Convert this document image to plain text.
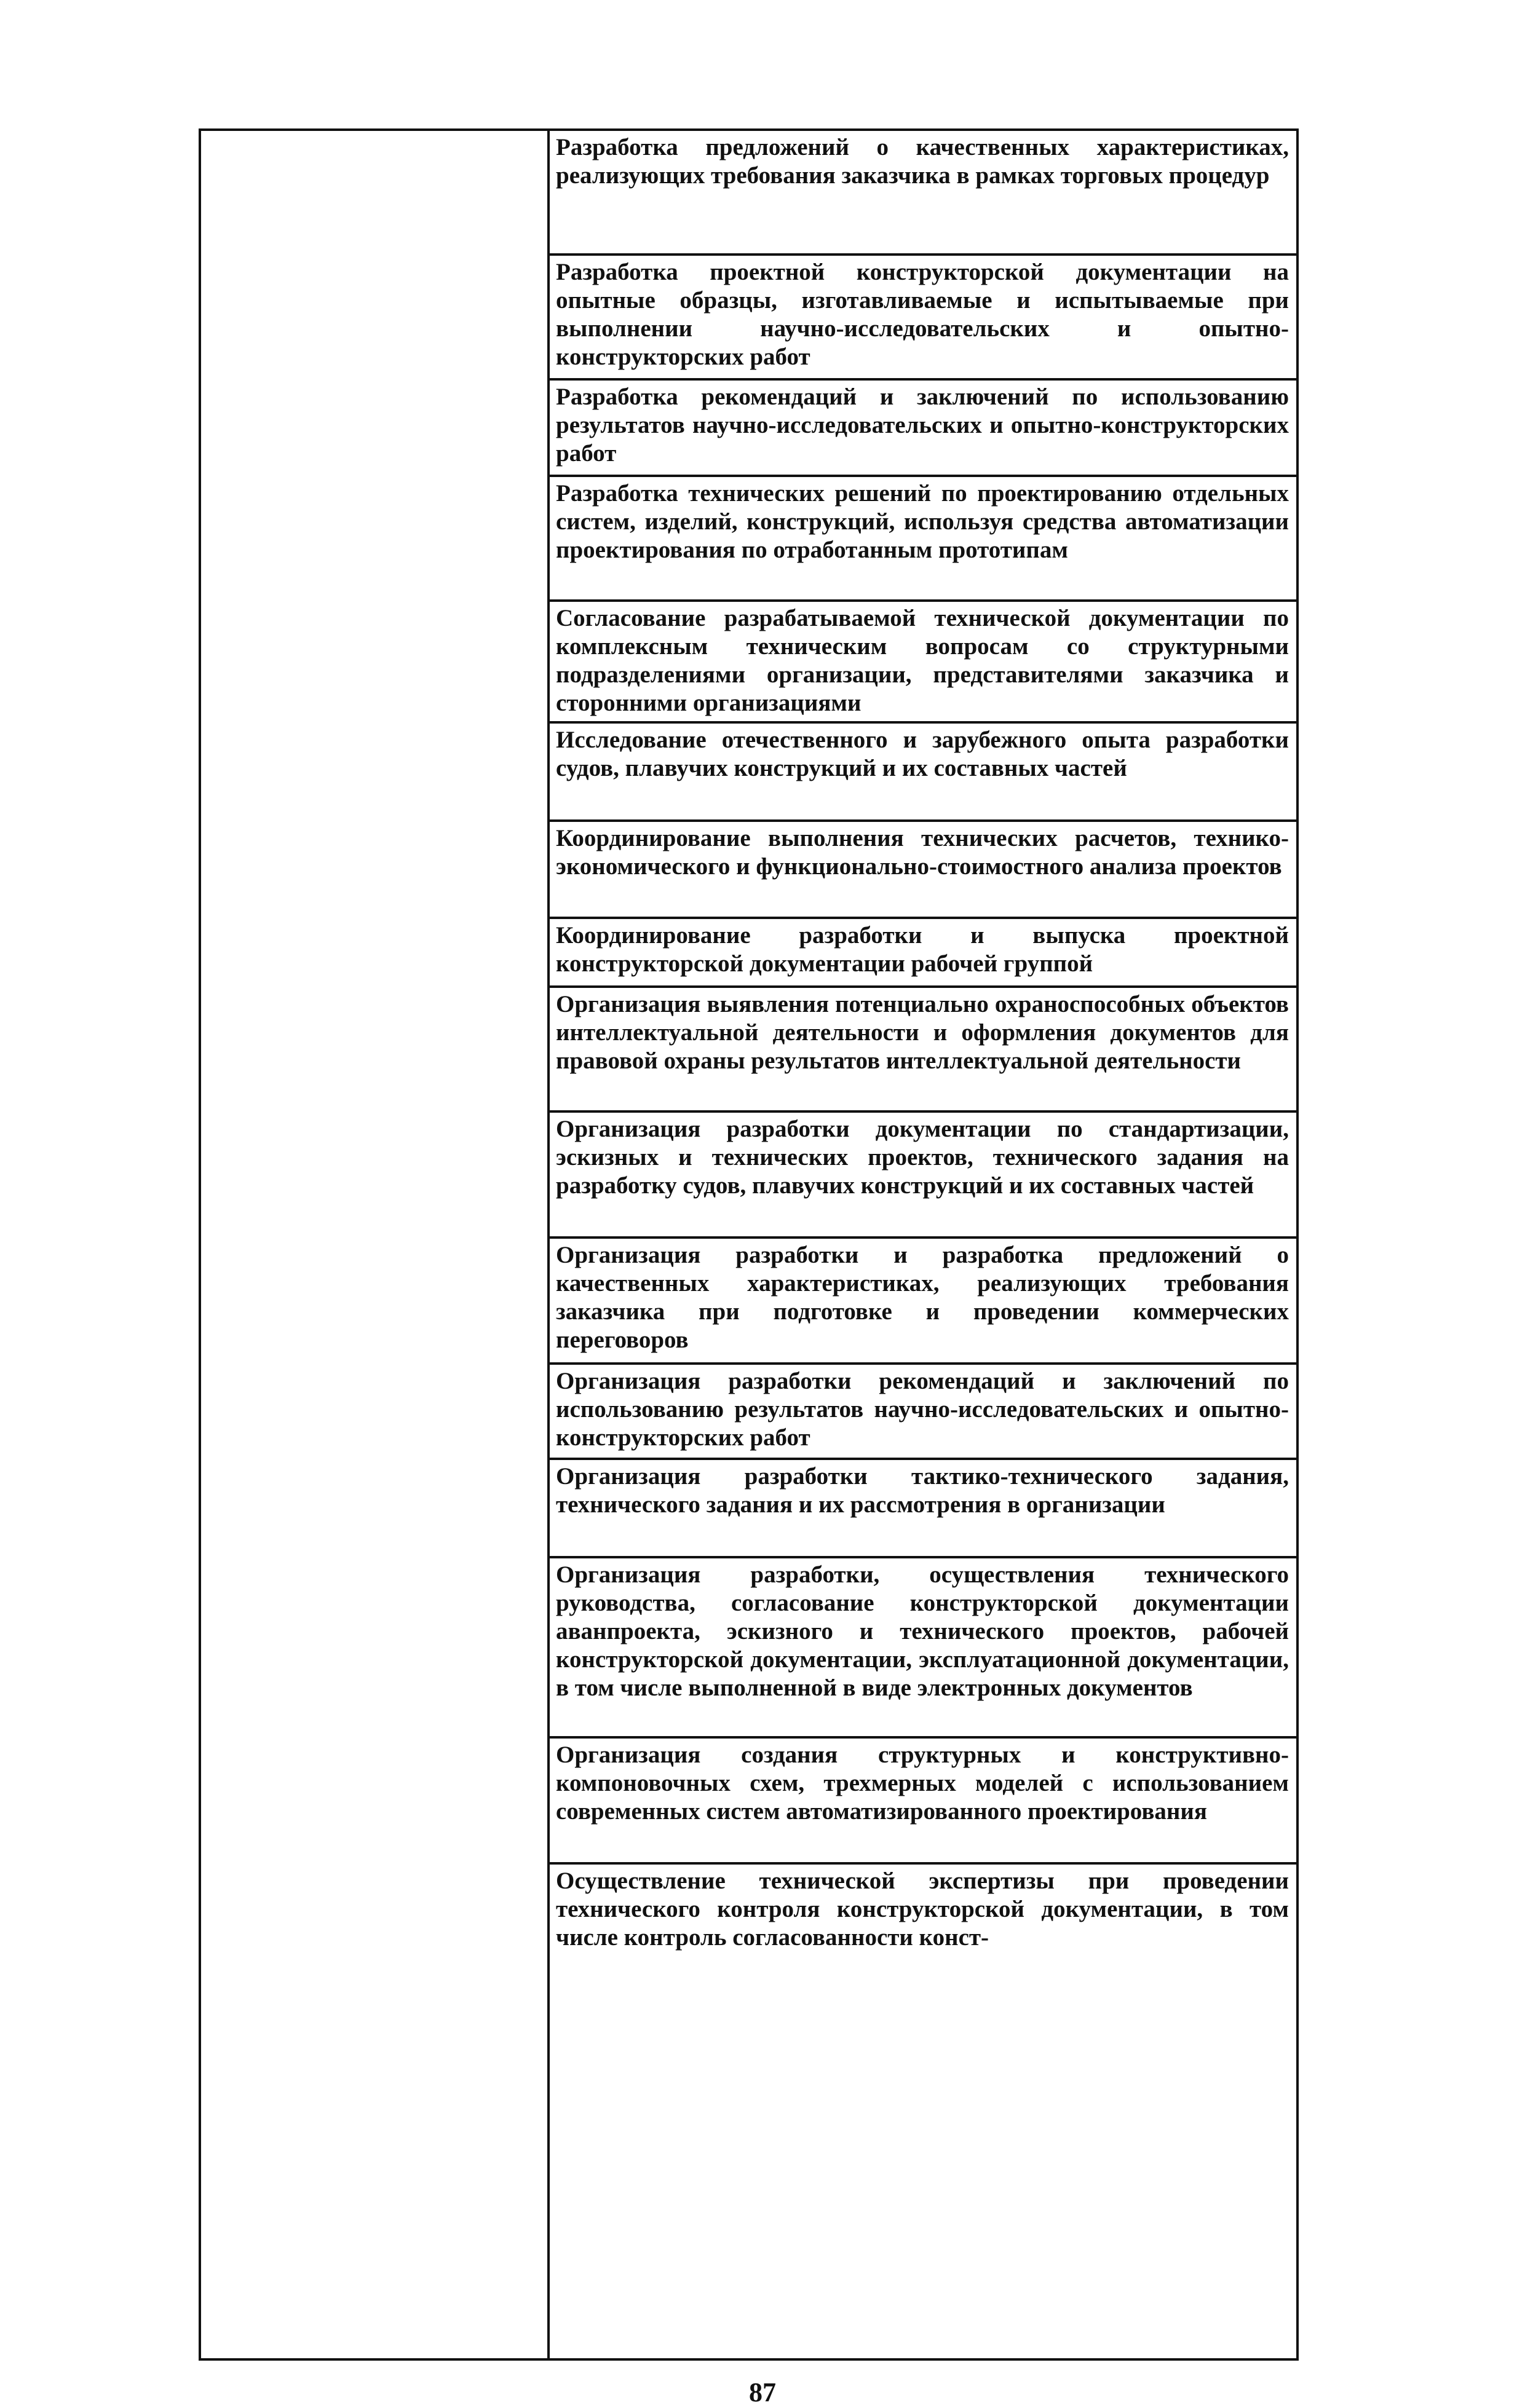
Разработка предложений о качественных характеристиках, реализующих требования заказчика в рамках торговых процедур
Разработка проектной конструкторской документации на опытные образцы, изготавливаемые и испытываемые при выполнении научно-исследовательских и опытно-конструкторских работ
Разработка рекомендаций и заключений по использованию результатов научно-исследовательских и опытно-конструкторских работ
Разработка технических решений по проектированию отдельных систем, изделий, конструкций, используя средства автоматизации проектирования по отработанным прототипам
Согласование разрабатываемой технической документации по комплексным техническим вопросам со структурными подразделениями организации, представителями заказчика и сторонними организациями
Исследование отечественного и зарубежного опыта разработки судов, плавучих конструкций и их составных частей
Координирование выполнения технических расчетов, технико-экономического и функционально-стоимостного анализа проектов
Координирование разработки и выпуска проектной конструкторской документации рабочей группой
Организация выявления потенциально охраноспособных объектов интеллектуальной деятельности и оформления документов для правовой охраны результатов интеллектуальной деятельности
Организация разработки документации по стандартизации, эскизных и технических проектов, технического задания на разработку судов, плавучих конструкций и их составных частей
Организация разработки и разработка предложений о качественных характеристиках, реализующих требования заказчика при подготовке и проведении коммерческих переговоров
Организация разработки рекомендаций и заключений по использованию результатов научно-исследовательских и опытно-конструкторских работ
Организация разработки тактико-технического задания, технического задания и их рассмотрения в организации
Организация разработки, осуществления технического руководства, согласование конструкторской документации аванпроекта, эскизного и технического проектов, рабочей конструкторской документации, эксплуатационной документации, в том числе выполненной в виде электронных документов
Организация создания структурных и конструктивно-компоновочных схем, трехмерных моделей с использованием современных систем автоматизированного проектирования
Осуществление технической экспертизы при проведении технического контроля конструкторской документации, в том числе контроль согласованности конст-
87
